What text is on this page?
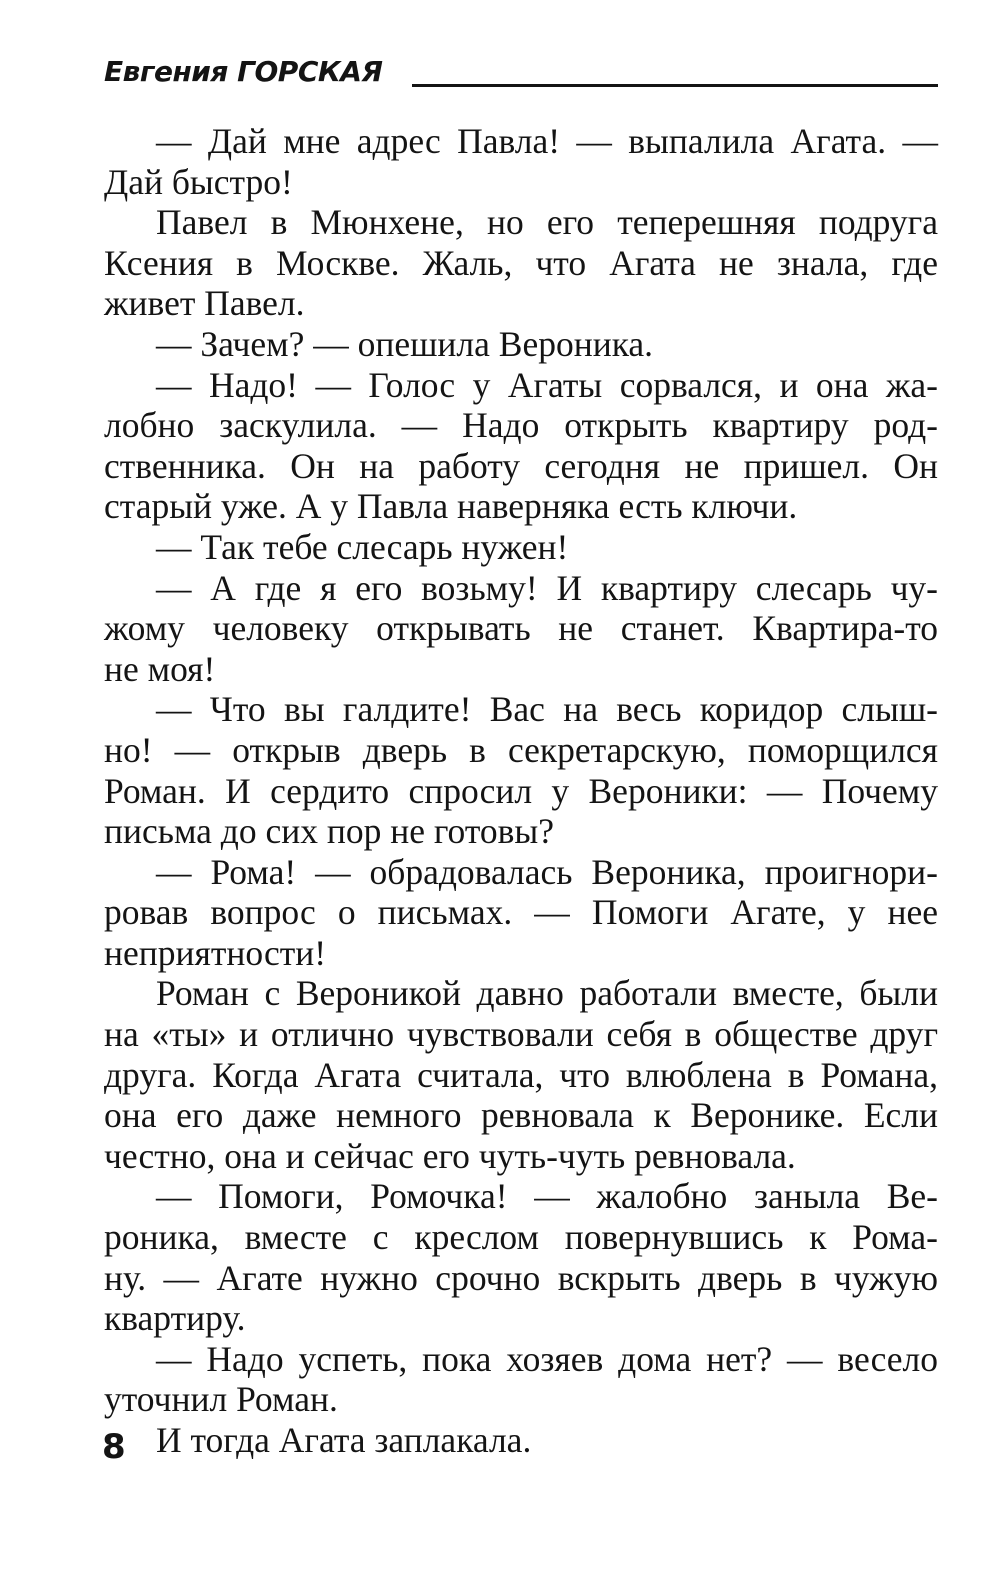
Евгения ГОРСКАЯ
— Дай мне адрес Павла! — выпалила Агата. —
Дай быстро!
Павел в Мюнхене, но его теперешняя подруга
Ксения в Москве. Жаль, что Агата не знала, где
живет Павел.
— Зачем? — опешила Вероника.
— Надо! — Голос у Агаты сорвался, и она жа-
лобно заскулила. — Надо открыть квартиру род-
ственника. Он на работу сегодня не пришел. Он
старый уже. А у Павла наверняка есть ключи.
— Так тебе слесарь нужен!
— А где я его возьму! И квартиру слесарь чу-
жому человеку открывать не станет. Квартира-то
не моя!
— Что вы галдите! Вас на весь коридор слыш-
но! — открыв дверь в секретарскую, поморщился
Роман. И сердито спросил у Вероники: — Почему
письма до сих пор не готовы?
— Рома! — обрадовалась Вероника, проигнори-
ровав вопрос о письмах. — Помоги Агате, у нее
неприятности!
Роман с Вероникой давно работали вместе, были
на «ты» и отлично чувствовали себя в обществе друг
друга. Когда Агата считала, что влюблена в Романа,
она его даже немного ревновала к Веронике. Если
честно, она и сейчас его чуть-чуть ревновала.
— Помоги, Ромочка! — жалобно заныла Ве-
роника, вместе с креслом повернувшись к Рома-
ну. — Агате нужно срочно вскрыть дверь в чужую
квартиру.
— Надо успеть, пока хозяев дома нет? — весело
уточнил Роман.
И тогда Агата заплакала.
8
